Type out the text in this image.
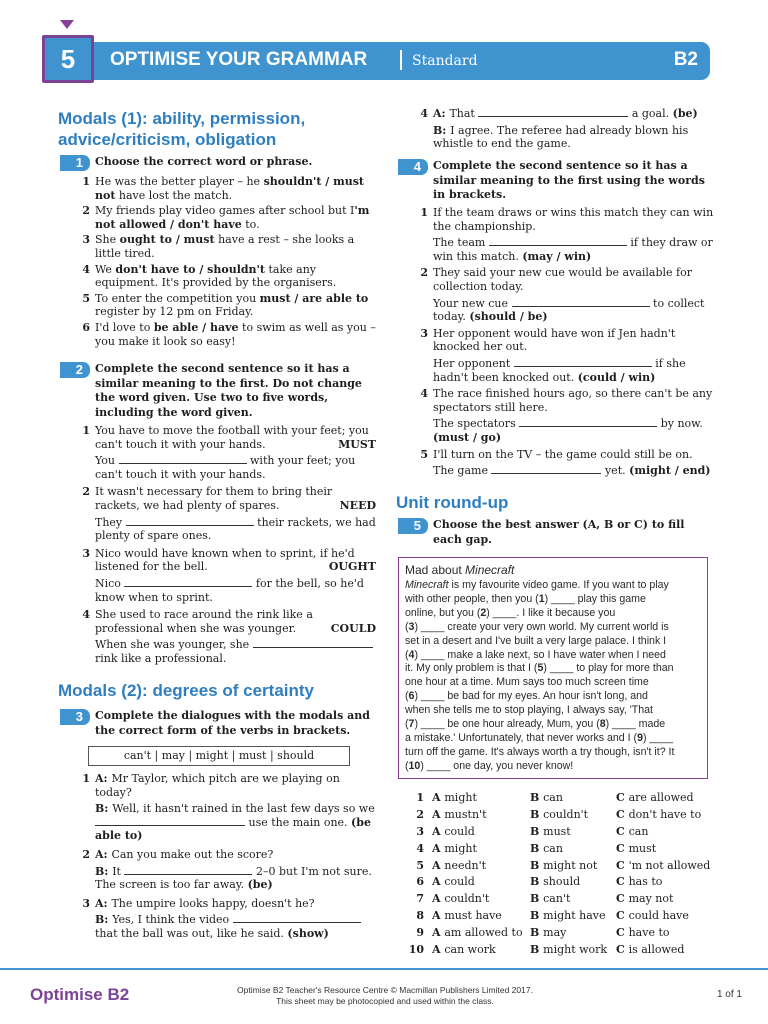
5	OPTIMISE YOUR GRAMMAR	Standard	B2
Modals (1): ability, permission,
advice/criticism, obligation
1	Choose the correct word or phrase.
1 He was the better player – he shouldn't / must not have lost the match.
2 My friends play video games after school but I'm not allowed / don't have to.
3 She ought to / must have a rest – she looks a little tired.
4 We don't have to / shouldn't take any equipment. It's provided by the organisers.
5 To enter the competition you must / are able to register by 12 pm on Friday.
6 I'd love to be able / have to swim as well as you – you make it look so easy!
2	Complete the second sentence so it has a similar meaning to the first. Do not change the word given. Use two to five words, including the word given.
1 You have to move the football with your feet; you can't touch it with your hands.	MUST
You	with your feet; you can't touch it with your hands.
2 It wasn't necessary for them to bring their rackets, we had plenty of spares.	NEED
They	their rackets, we had plenty of spare ones.
3 Nico would have known when to sprint, if he'd listened for the bell.	OUGHT
Nico	for the bell, so he'd know when to sprint.
4 She used to race around the rink like a professional when she was younger.	COULD
When she was younger, she  rink like a professional.
Modals (2): degrees of certainty
3	Complete the dialogues with the modals and the correct form of the verbs in brackets.
1 A: Mr Taylor, which pitch are we playing on today?
B: Well, it hasn't rained in the last few days so we  use the main one. (be able to)
2 A: Can you make out the score?
B: It	2–0 but I'm not sure. The screen is too far away. (be)
3 A: The umpire looks happy, doesn't he?
B: Yes, I think the video  that the ball was out, like he said. (show)
can't | may | might | must | should
4 A: That	a goal. (be)
B: I agree. The referee had already blown his whistle to end the game.
4	Complete the second sentence so it has a similar meaning to the first using the words in brackets.
1 If the team draws or wins this match they can win the championship.
The team	if they draw or win this match. (may / win)
2 They said your new cue would be available for collection today.
Your new cue	to collect today. (should / be)
3 Her opponent would have won if Jen hadn't knocked her out.
Her opponent	if she hadn't been knocked out. (could / win)
4 The race finished hours ago, so there can't be any spectators still here.
The spectators	by now. (must / go)
5 I'll turn on the TV – the game could still be on.
The game	yet. (might / end)
Unit round-up
5	Choose the best answer (A, B or C) to fill each gap.
Mad about Minecraft
Minecraft is my favourite video game. If you want to play
with other people, then you (1) ____ play this game
online, but you (2) ____. I like it because you
(3) ____ create your very own world. My current world is
set in a desert and I've built a very large palace. I think I
(4) ____ make a lake next, so I have water when I need
it. My only problem is that I (5) ____ to play for more than
one hour at a time. Mum says too much screen time
(6) ____ be bad for my eyes. An hour isn't long, and
when she tells me to stop playing, I always say, 'That
(7) ____ be one hour already, Mum, you (8) ____ made
a mistake.' Unfortunately, that never works and I (9) ____
turn off the game. It's always worth a try though, isn't it? It
(10) ____ one day, you never know!
1 A might	B can	C are allowed
2 A mustn't	B couldn't	C don't have to
3 A could	B must	C can
4 A might	B can	C must
5 A needn't	B might not C 'm not allowed
6 A could	B should	C has to
7 A couldn't	B can't	C may not
8 A must have	B might have C could have
9 A am allowed to B may	C have to
10 A can work	B might work C is allowed
Optimise B2	Optimise B2 Teacher's Resource Centre © Macmillan Publishers Limited 2017.
This sheet may be photocopied and used within the class.
1 of 1
